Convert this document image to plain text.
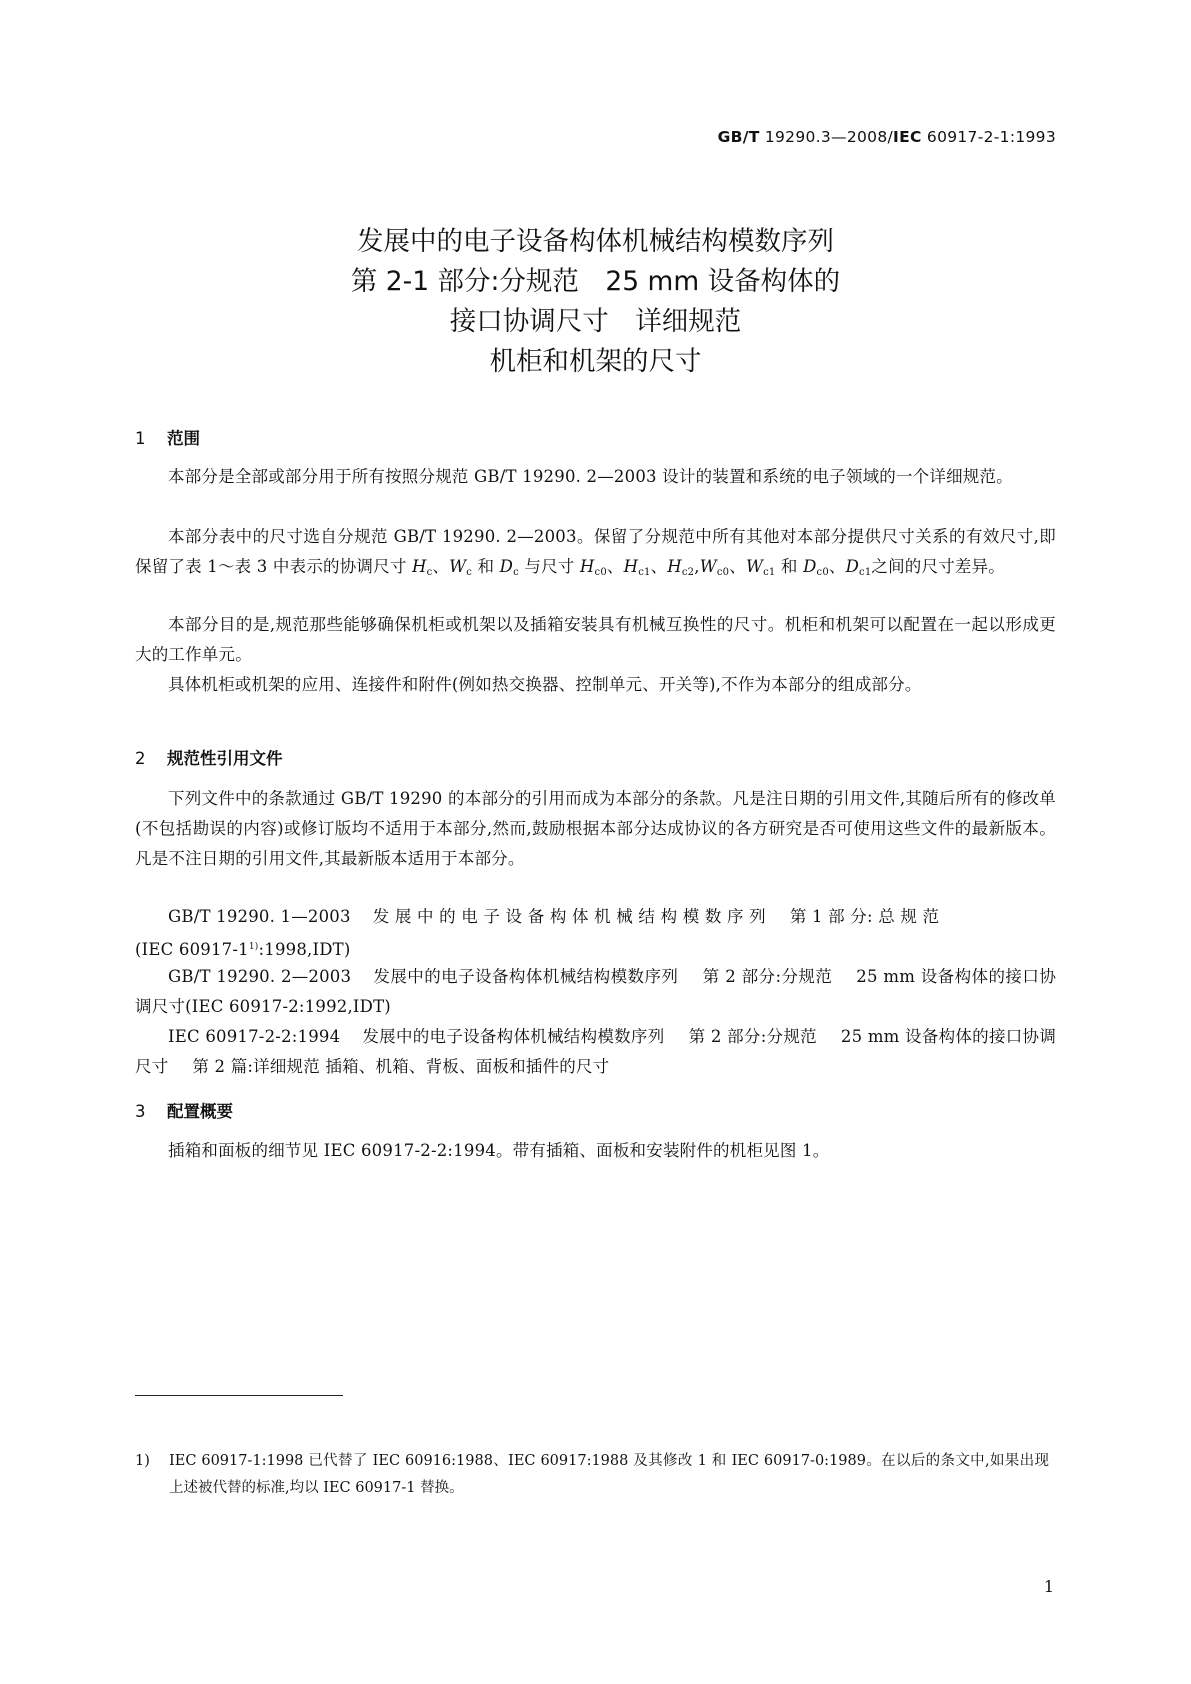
GB/T 19290.3—2008/IEC 60917-2-1:1993
发展中的电子设备构体机械结构模数序列
第 2-1 部分:分规范　25 mm 设备构体的
接口协调尺寸　详细规范
机柜和机架的尺寸
1 范围
本部分是全部或部分用于所有按照分规范 GB/T 19290. 2—2003 设计的装置和系统的电子领域的一个详细规范。
本部分表中的尺寸选自分规范 GB/T 19290. 2—2003。保留了分规范中所有其他对本部分提供尺寸关系的有效尺寸,即保留了表 1～表 3 中表示的协调尺寸 $H_c$、$W_c$ 和 $D_c$ 与尺寸 $H_{c0}$、$H_{c1}$、$H_{c2},W_{c0}$、$W_{c1}$ 和 $D_{c0}$、$D_{c1}$之间的尺寸差异。
本部分目的是,规范那些能够确保机柜或机架以及插箱安装具有机械互换性的尺寸。机柜和机架可以配置在一起以形成更大的工作单元。
具体机柜或机架的应用、连接件和附件(例如热交换器、控制单元、开关等),不作为本部分的组成部分。
2 规范性引用文件
下列文件中的条款通过 GB/T 19290 的本部分的引用而成为本部分的条款。凡是注日期的引用文件,其随后所有的修改单(不包括勘误的内容)或修订版均不适用于本部分,然而,鼓励根据本部分达成协议的各方研究是否可使用这些文件的最新版本。凡是不注日期的引用文件,其最新版本适用于本部分。
GB/T 19290. 1—2003 发 展 中 的 电 子 设 备 构 体 机 械 结 构 模 数 序 列 第 1 部 分: 总 规 范
(IEC 60917-1$^{1)}$:1998,IDT)
GB/T 19290. 2—2003 发展中的电子设备构体机械结构模数序列 第 2 部分:分规范 25 mm 设备构体的接口协调尺寸(IEC 60917-2:1992,IDT)
IEC 60917-2-2:1994 发展中的电子设备构体机械结构模数序列 第 2 部分:分规范 25 mm 设备构体的接口协调尺寸 第 2 篇:详细规范 插箱、机箱、背板、面板和插件的尺寸
3 配置概要
插箱和面板的细节见 IEC 60917-2-2:1994。带有插箱、面板和安装附件的机柜见图 1。
1) IEC 60917-1:1998 已代替了 IEC 60916:1988、IEC 60917:1988 及其修改 1 和 IEC 60917-0:1989。在以后的条文中,如果出现上述被代替的标准,均以 IEC 60917-1 替换。
1
